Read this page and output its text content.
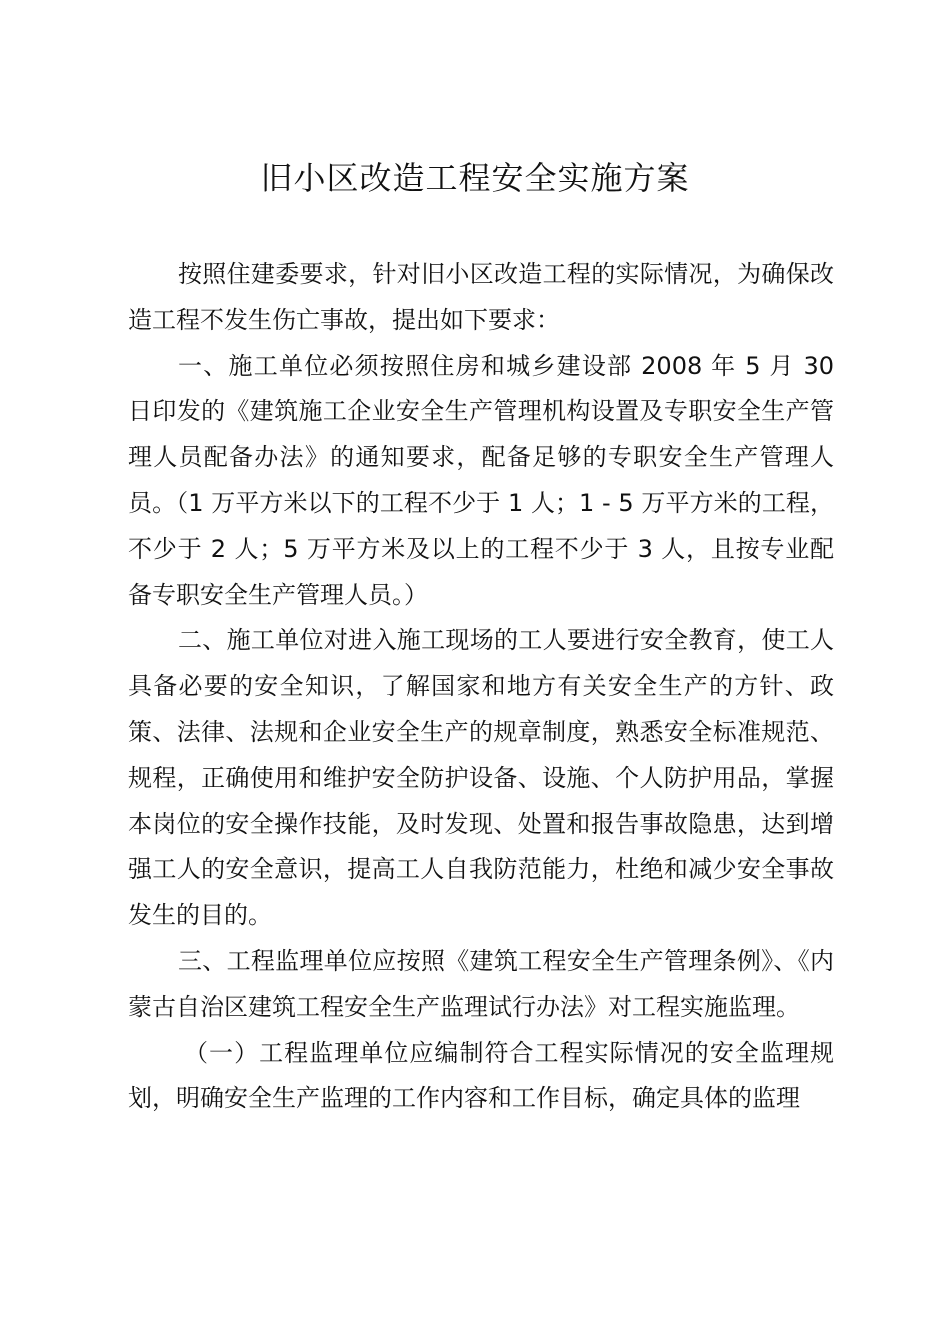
旧小区改造工程安全实施方案

按照住建委要求，针对旧小区改造工程的实际情况，为确保改造工程不发生伤亡事故，提出如下要求：

一、施工单位必须按照住房和城乡建设部 2008 年 5 月 30 日印发的《建筑施工企业安全生产管理机构设置及专职安全生产管理人员配备办法》的通知要求，配备足够的专职安全生产管理人员。（1 万平方米以下的工程不少于 1 人；1 - 5 万平方米的工程，不少于 2 人；5 万平方米及以上的工程不少于 3 人，且按专业配备专职安全生产管理人员。）

二、施工单位对进入施工现场的工人要进行安全教育，使工人具备必要的安全知识，了解国家和地方有关安全生产的方针、政策、法律、法规和企业安全生产的规章制度，熟悉安全标准规范、规程，正确使用和维护安全防护设备、设施、个人防护用品，掌握本岗位的安全操作技能，及时发现、处置和报告事故隐患，达到增强工人的安全意识，提高工人自我防范能力，杜绝和减少安全事故发生的目的。

三、工程监理单位应按照《建筑工程安全生产管理条例》、《内蒙古自治区建筑工程安全生产监理试行办法》对工程实施监理。

（一）工程监理单位应编制符合工程实际情况的安全监理规划，明确安全生产监理的工作内容和工作目标，确定具体的监理
